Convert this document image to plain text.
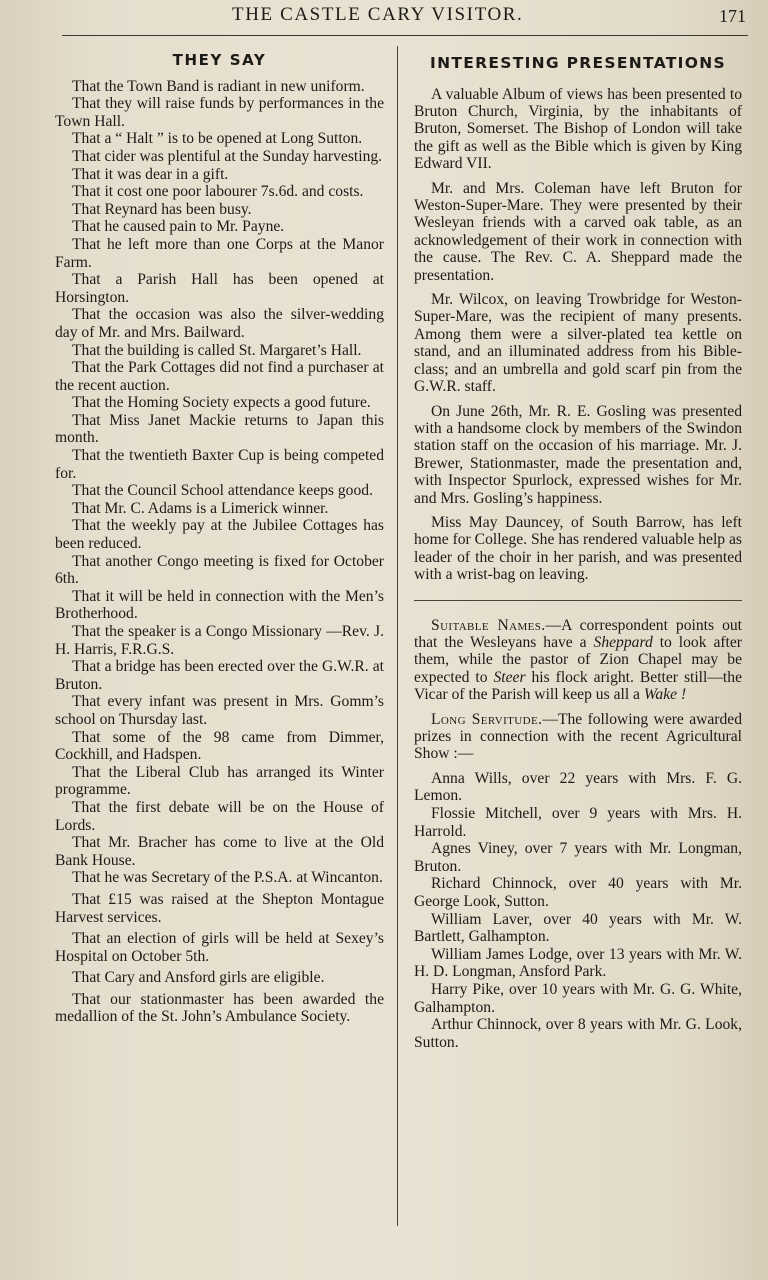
THE CASTLE CARY VISITOR.	171
THEY SAY

That the Town Band is radiant in new uniform.

That they will raise funds by performances in the Town Hall.

That a “ Halt ” is to be opened at Long Sutton.

That cider was plentiful at the Sunday harvesting.

That it was dear in a gift.

That it cost one poor labourer 7s.6d. and costs.

That Reynard has been busy.

That he caused pain to Mr. Payne.

That he left more than one Corps at the Manor Farm.

That a Parish Hall has been opened at Horsington.

That the occasion was also the silver-wedding day of Mr. and Mrs. Bailward.

That the building is called St. Margaret’s Hall.

That the Park Cottages did not find a purchaser at the recent auction.

That the Homing Society expects a good future.

That Miss Janet Mackie returns to Japan this month.

That the twentieth Baxter Cup is being competed for.

That the Council School attendance keeps good.

That Mr. C. Adams is a Limerick winner.

That the weekly pay at the Jubilee Cottages has been reduced.

That another Congo meeting is fixed for October 6th.

That it will be held in connection with the Men’s Brotherhood.

That the speaker is a Congo Missionary —Rev. J. H. Harris, F.R.G.S.

That a bridge has been erected over the G.W.R. at Bruton.

That every infant was present in Mrs. Gomm’s school on Thursday last.

That some of the 98 came from Dimmer, Cockhill, and Hadspen.

That the Liberal Club has arranged its Winter programme.

That the first debate will be on the House of Lords.

That Mr. Bracher has come to live at the Old Bank House.

That he was Secretary of the P.S.A. at Wincanton.

That £15 was raised at the Shepton Montague Harvest services.

That an election of girls will be held at Sexey’s Hospital on October 5th.

That Cary and Ansford girls are eligible.

That our stationmaster has been awarded the medallion of the St. John’s Ambulance Society.

INTERESTING PRESENTATIONS

A valuable Album of views has been presented to Bruton Church, Virginia, by the inhabitants of Bruton, Somerset. The Bishop of London will take the gift as well as the Bible which is given by King Edward VII.

Mr. and Mrs. Coleman have left Bruton for Weston-Super-Mare. They were presented by their Wesleyan friends with a carved oak table, as an acknowledgement of their work in connection with the cause. The Rev. C. A. Sheppard made the presentation.

Mr. Wilcox, on leaving Trowbridge for Weston-Super-Mare, was the recipient of many presents. Among them were a silver-plated tea kettle on stand, and an illuminated address from his Bible-class; and an umbrella and gold scarf pin from the G.W.R. staff.

On June 26th, Mr. R. E. Gosling was presented with a handsome clock by members of the Swindon station staff on the occasion of his marriage. Mr. J. Brewer, Stationmaster, made the presentation and, with Inspector Spurlock, expressed wishes for Mr. and Mrs. Gosling’s happiness.

Miss May Dauncey, of South Barrow, has left home for College. She has rendered valuable help as leader of the choir in her parish, and was presented with a wrist-bag on leaving.

Suitable Names.—A correspondent points out that the Wesleyans have a Sheppard to look after them, while the pastor of Zion Chapel may be expected to Steer his flock aright. Better still—the Vicar of the Parish will keep us all a Wake !

Long Servitude.—The following were awarded prizes in connection with the recent Agricultural Show :—

Anna Wills, over 22 years with Mrs. F. G. Lemon.

Flossie Mitchell, over 9 years with Mrs. H. Harrold.

Agnes Viney, over 7 years with Mr. Longman, Bruton.

Richard Chinnock, over 40 years with Mr. George Look, Sutton.

William Laver, over 40 years with Mr. W. Bartlett, Galhampton.

William James Lodge, over 13 years with Mr. W. H. D. Longman, Ansford Park.

Harry Pike, over 10 years with Mr. G. G. White, Galhampton.

Arthur Chinnock, over 8 years with Mr. G. Look, Sutton.
